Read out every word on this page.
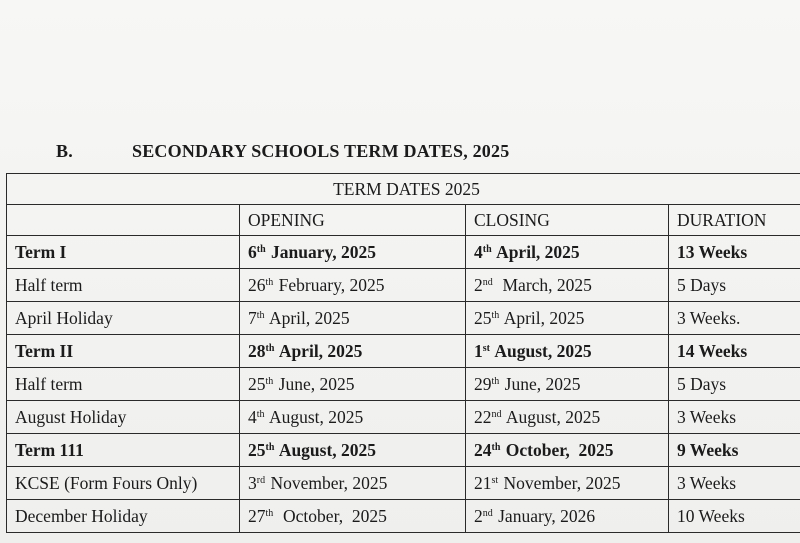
B.	SECONDARY SCHOOLS TERM DATES, 2025
TERM DATES 2025			
	OPENING	CLOSING	DURATION
Term I	6th January, 2025	4th April, 2025	13 Weeks
Half term	26th February, 2025	2nd  March, 2025	5 Days
April Holiday	7th April, 2025	25th April, 2025	3 Weeks.
Term II	28th April, 2025	1st August, 2025	14 Weeks
Half term	25th June, 2025	29th June, 2025	5 Days
August Holiday	4th August, 2025	22nd August, 2025	3 Weeks
Term 111	25th August, 2025	24th October,  2025	9 Weeks
KCSE (Form Fours Only)	3rd November, 2025	21st November, 2025	3 Weeks
December Holiday	27th  October,  2025	2nd January, 2026	10 Weeks
